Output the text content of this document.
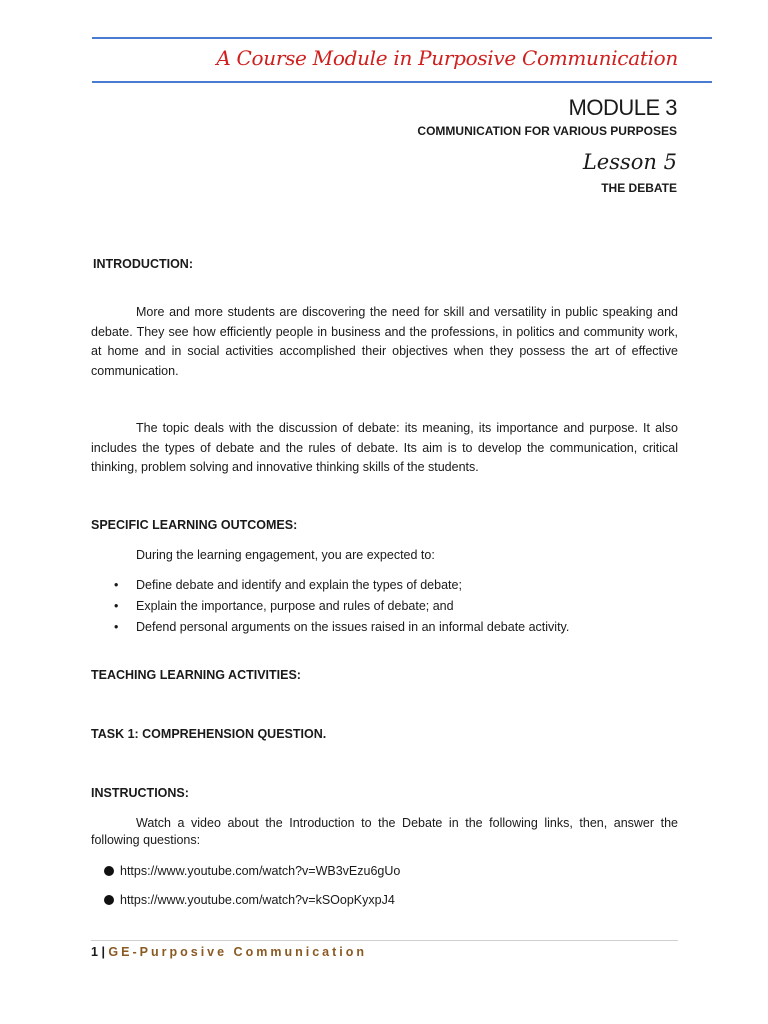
A Course Module in Purposive Communication
MODULE 3
COMMUNICATION FOR VARIOUS PURPOSES
Lesson 5
THE DEBATE
INTRODUCTION:

More and more students are discovering the need for skill and versatility in public speaking and debate. They see how efficiently people in business and the professions, in politics and community work, at home and in social activities accomplished their objectives when they possess the art of effective communication.

The topic deals with the discussion of debate: its meaning, its importance and purpose. It also includes the types of debate and the rules of debate. Its aim is to develop the communication, critical thinking, problem solving and innovative thinking skills of the students.

SPECIFIC LEARNING OUTCOMES:
During the learning engagement, you are expected to:
• Define debate and identify and explain the types of debate;
• Explain the importance, purpose and rules of debate; and
• Defend personal arguments on the issues raised in an informal debate activity.
TEACHING LEARNING ACTIVITIES:
TASK 1: COMPREHENSION QUESTION.
INSTRUCTIONS:

Watch a video about the Introduction to the Debate in the following links, then, answer the following questions:

https://www.youtube.com/watch?v=WB3vEzu6gUo
https://www.youtube.com/watch?v=kSOopKyxpJ4
1 | GE-Purposive Communication
